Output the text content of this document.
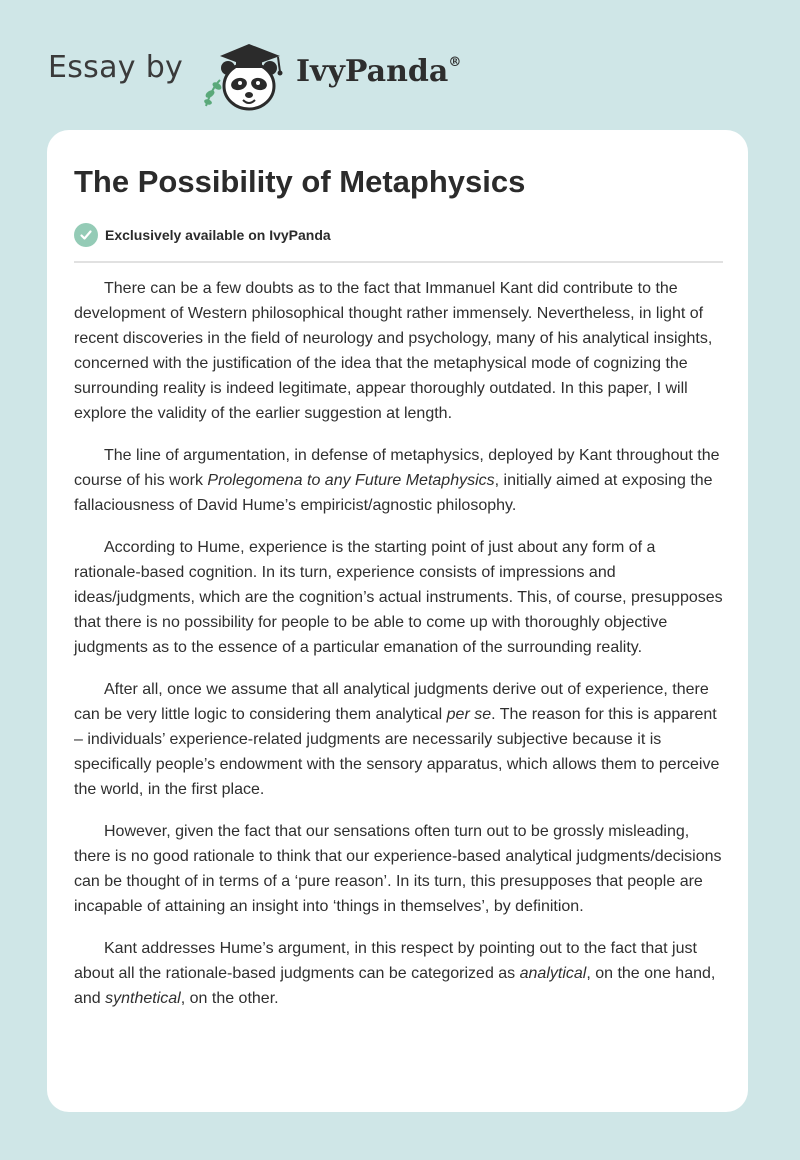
Essay by	IvyPanda®
The Possibility of Metaphysics
Exclusively available on IvyPanda

There can be a few doubts as to the fact that Immanuel Kant did contribute to the development of Western philosophical thought rather immensely. Nevertheless, in light of recent discoveries in the field of neurology and psychology, many of his analytical insights, concerned with the justification of the idea that the metaphysical mode of cognizing the surrounding reality is indeed legitimate, appear thoroughly outdated. In this paper, I will explore the validity of the earlier suggestion at length.

The line of argumentation, in defense of metaphysics, deployed by Kant throughout the course of his work Prolegomena to any Future Metaphysics, initially aimed at exposing the fallaciousness of David Hume’s empiricist/agnostic philosophy.

According to Hume, experience is the starting point of just about any form of a rationale-based cognition. In its turn, experience consists of impressions and ideas/judgments, which are the cognition’s actual instruments. This, of course, presupposes that there is no possibility for people to be able to come up with thoroughly objective judgments as to the essence of a particular emanation of the surrounding reality.

After all, once we assume that all analytical judgments derive out of experience, there can be very little logic to considering them analytical per se. The reason for this is apparent – individuals’ experience-related judgments are necessarily subjective because it is specifically people’s endowment with the sensory apparatus, which allows them to perceive the world, in the first place.

However, given the fact that our sensations often turn out to be grossly misleading, there is no good rationale to think that our experience-based analytical judgments/decisions can be thought of in terms of a ‘pure reason’. In its turn, this presupposes that people are incapable of attaining an insight into ‘things in themselves’, by definition.

Kant addresses Hume’s argument, in this respect by pointing out to the fact that just about all the rationale-based judgments can be categorized as analytical, on the one hand, and synthetical, on the other.
